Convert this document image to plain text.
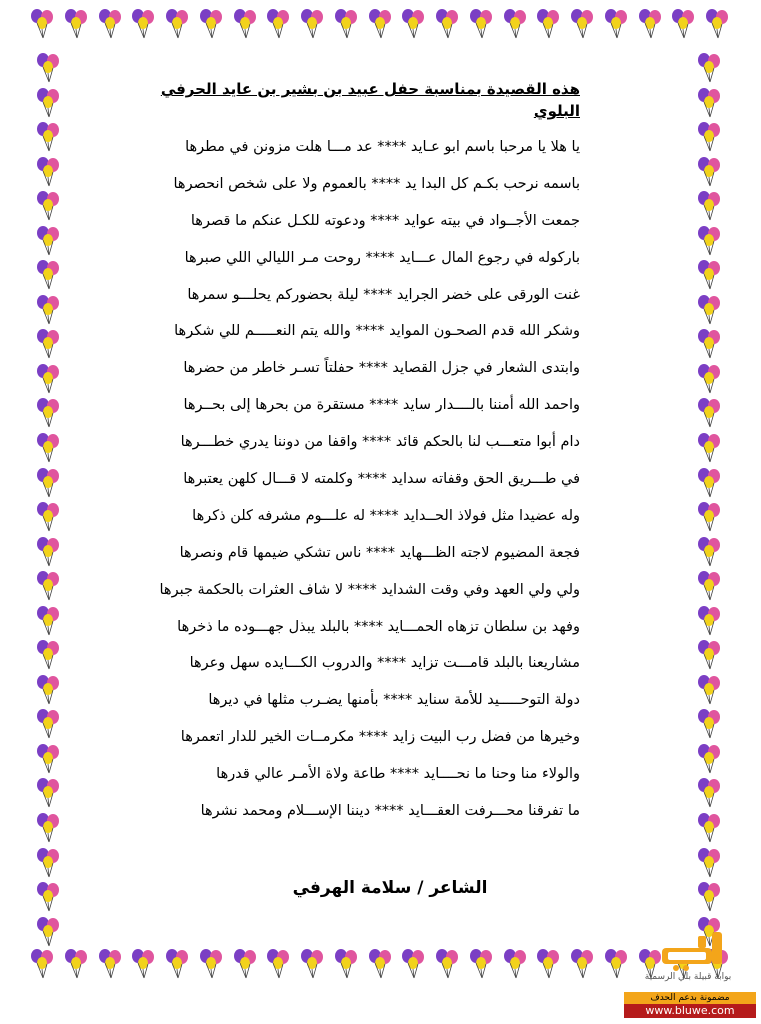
هذه القصيدة بمناسبة حفل عبيد بن بشير بن عايد الحرفي البلوي
يا هلا يا مرحبا باسم ابو عـايد **** عد مـــا هلت مزونن في مطرها
باسمه نرحب بكـم كل البدا يد **** بالعموم ولا على شخص انحصرها
جمعت الأجــواد في بيته عوايد **** ودعوته للكـل عنكم ما قصرها
باركوله في رجوع المال عـــايد **** روحت مـر الليالي اللي صبرها
غنت الورقى على خضر الجرايد **** ليلة بحضوركم يحلـــو سمرها
وشكر الله قدم الصحـون الموايد **** والله يتم النعـــــم للي شكرها
وابتدى الشعار في جزل القصايد **** حفلتاً تسـر خاطر من حضرها
واحمد الله أمننا بالــــدار سايد **** مستقرة من بحرها إلى بحــرها
دام أبوا متعـــب لنا بالحكم قائد **** واقفا من دوننا يدري خطـــرها
في طـــريق الحق وقفاته سدايد **** وكلمته لا قـــال كلهن يعتبرها
وله عضيدا مثل فولاذ الحــدايد **** له علـــوم مشرفه كلن ذكرها
فجعة المضيوم لاجته الظـــهايد **** ناس تشكي ضيمها قام ونصرها
ولي ولي العهد وفي وقت الشدايد **** لا شاف العثرات بالحكمة جبرها
وفهد بن سلطان تزهاه الحمـــايد **** بالبلد يبذل جهـــوده ما ذخرها
مشاريعنا بالبلد قامـــت تزايد **** والدروب الكـــايده سهل وعرها
دولة التوحـــــيد للأمة سنايد **** بأمنها يضـرب مثلها في ديرها
وخيرها من فضل رب البيت زايد **** مكرمــات الخير للدار اتعمرها
والولاء منا وحنا ما نحــــايد **** طاعة ولاة الأمـر عالي قدرها
ما تفرقنا محـــرفت العقـــايد **** ديننا الإســـلام ومحمد نشرها
الشاعر / سلامة الهرفي
بوابة قبيلة بلي الرسمية
مضمونة بدعم الحدف
www.bluwe.com
